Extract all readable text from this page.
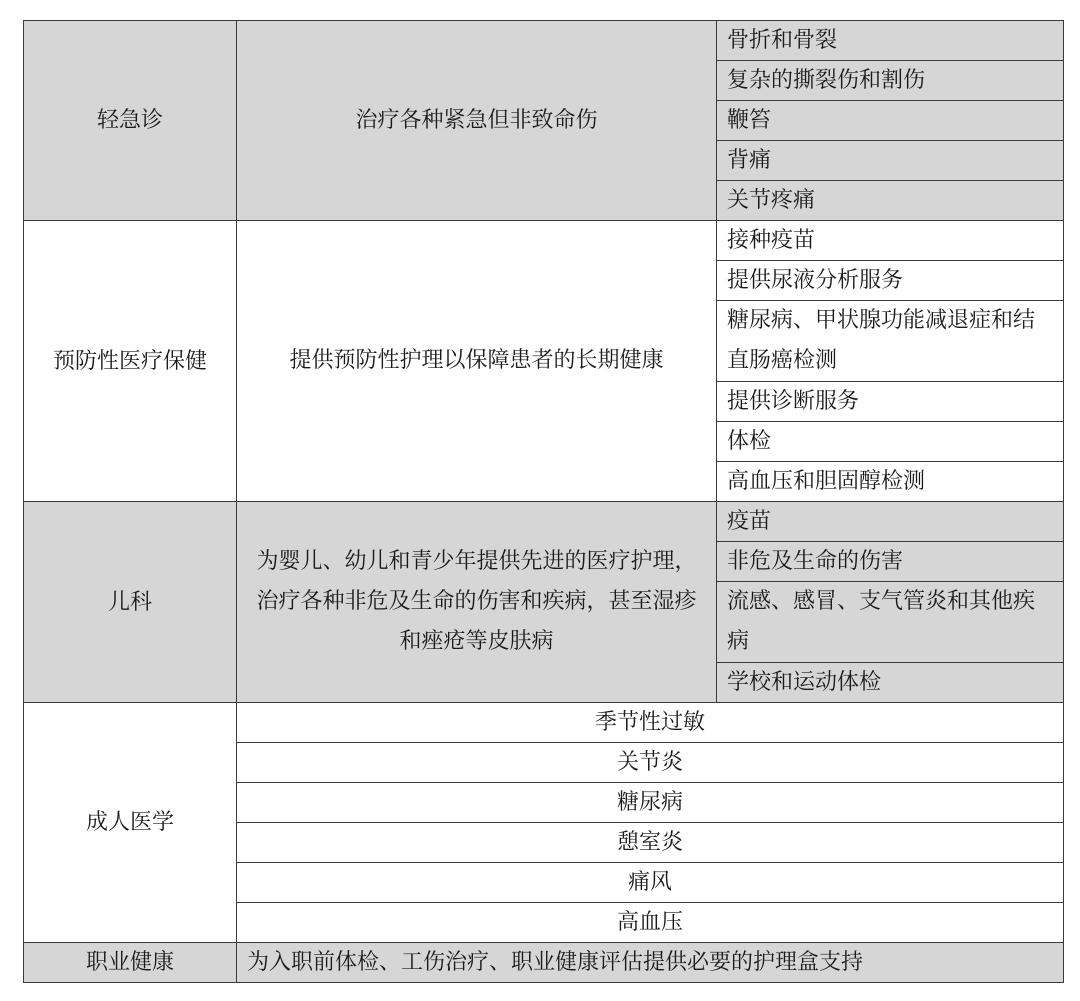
轻急诊	治疗各种紧急但非致命伤	骨折和骨裂
		复杂的撕裂伤和割伤
		鞭笞
		背痛
		关节疼痛
预防性医疗保健	提供预防性护理以保障患者的长期健康	接种疫苗
		提供尿液分析服务
		糖尿病、甲状腺功能减退症和结直肠癌检测
		提供诊断服务
		体检
		高血压和胆固醇检测
儿科	为婴儿、幼儿和青少年提供先进的医疗护理，治疗各种非危及生命的伤害和疾病，甚至湿疹和痤疮等皮肤病	疫苗
		非危及生命的伤害
		流感、感冒、支气管炎和其他疾病
		学校和运动体检
成人医学	季节性过敏	
	关节炎	
	糖尿病	
	憩室炎	
	痛风	
	高血压	
职业健康	为入职前体检、工伤治疗、职业健康评估提供必要的护理盒支持	
